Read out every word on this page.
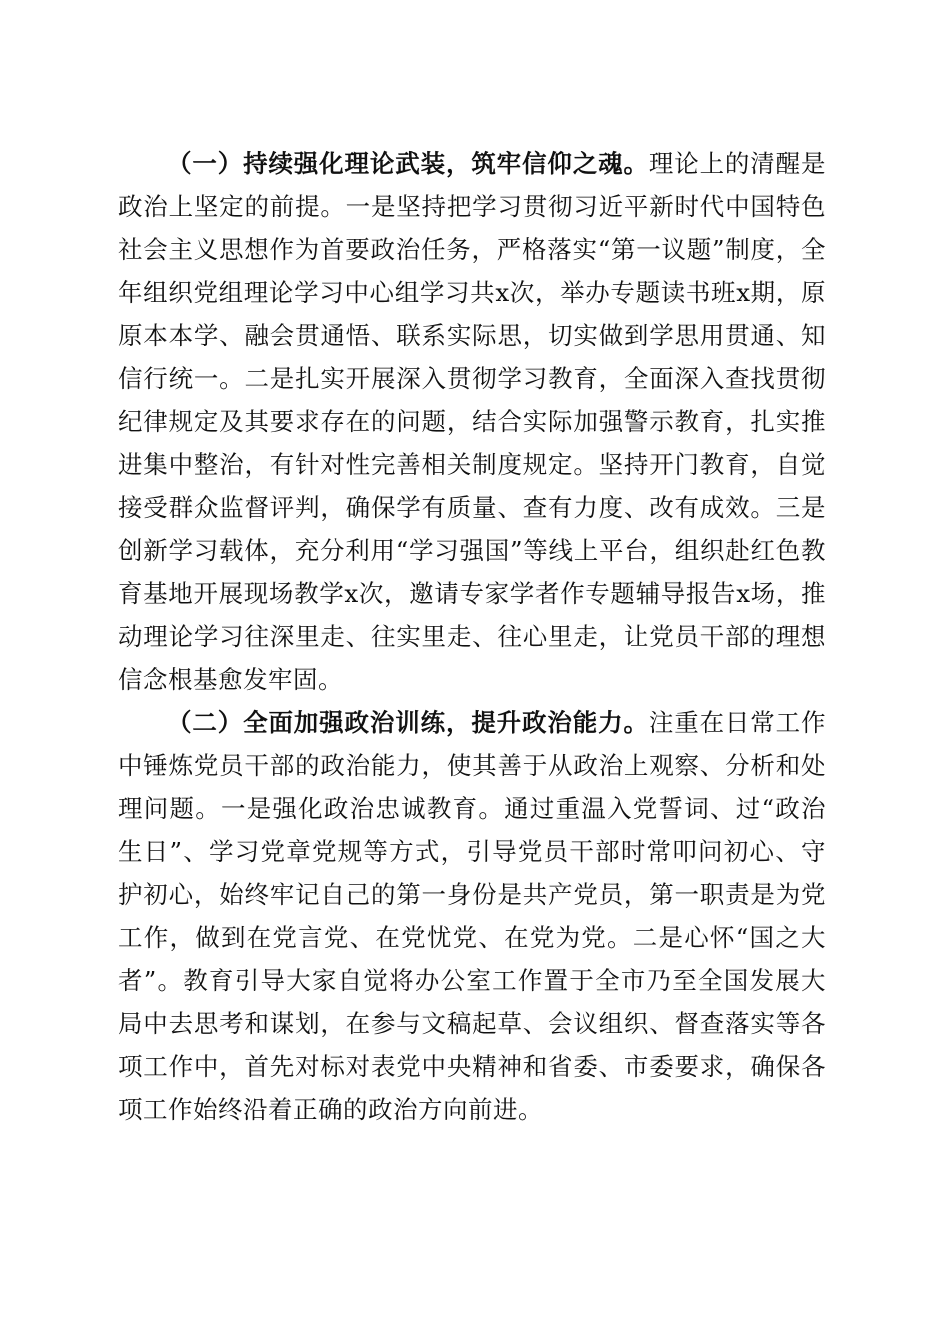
（一）持续强化理论武装，筑牢信仰之魂。理论上的清醒是政治上坚定的前提。一是坚持把学习贯彻习近平新时代中国特色社会主义思想作为首要政治任务，严格落实“第一议题”制度，全年组织党组理论学习中心组学习共x次，举办专题读书班x期，原原本本学、融会贯通悟、联系实际思，切实做到学思用贯通、知信行统一。二是扎实开展深入贯彻学习教育，全面深入查找贯彻纪律规定及其要求存在的问题，结合实际加强警示教育，扎实推进集中整治，有针对性完善相关制度规定。坚持开门教育，自觉接受群众监督评判，确保学有质量、查有力度、改有成效。三是创新学习载体，充分利用“学习强国”等线上平台，组织赴红色教育基地开展现场教学x次，邀请专家学者作专题辅导报告x场，推动理论学习往深里走、往实里走、往心里走，让党员干部的理想信念根基愈发牢固。

（二）全面加强政治训练，提升政治能力。注重在日常工作中锤炼党员干部的政治能力，使其善于从政治上观察、分析和处理问题。一是强化政治忠诚教育。通过重温入党誓词、过“政治生日”、学习党章党规等方式，引导党员干部时常叩问初心、守护初心，始终牢记自己的第一身份是共产党员，第一职责是为党工作，做到在党言党、在党忧党、在党为党。二是心怀“国之大者”。教育引导大家自觉将办公室工作置于全市乃至全国发展大局中去思考和谋划，在参与文稿起草、会议组织、督查落实等各项工作中，首先对标对表党中央精神和省委、市委要求，确保各项工作始终沿着正确的政治方向前进。
